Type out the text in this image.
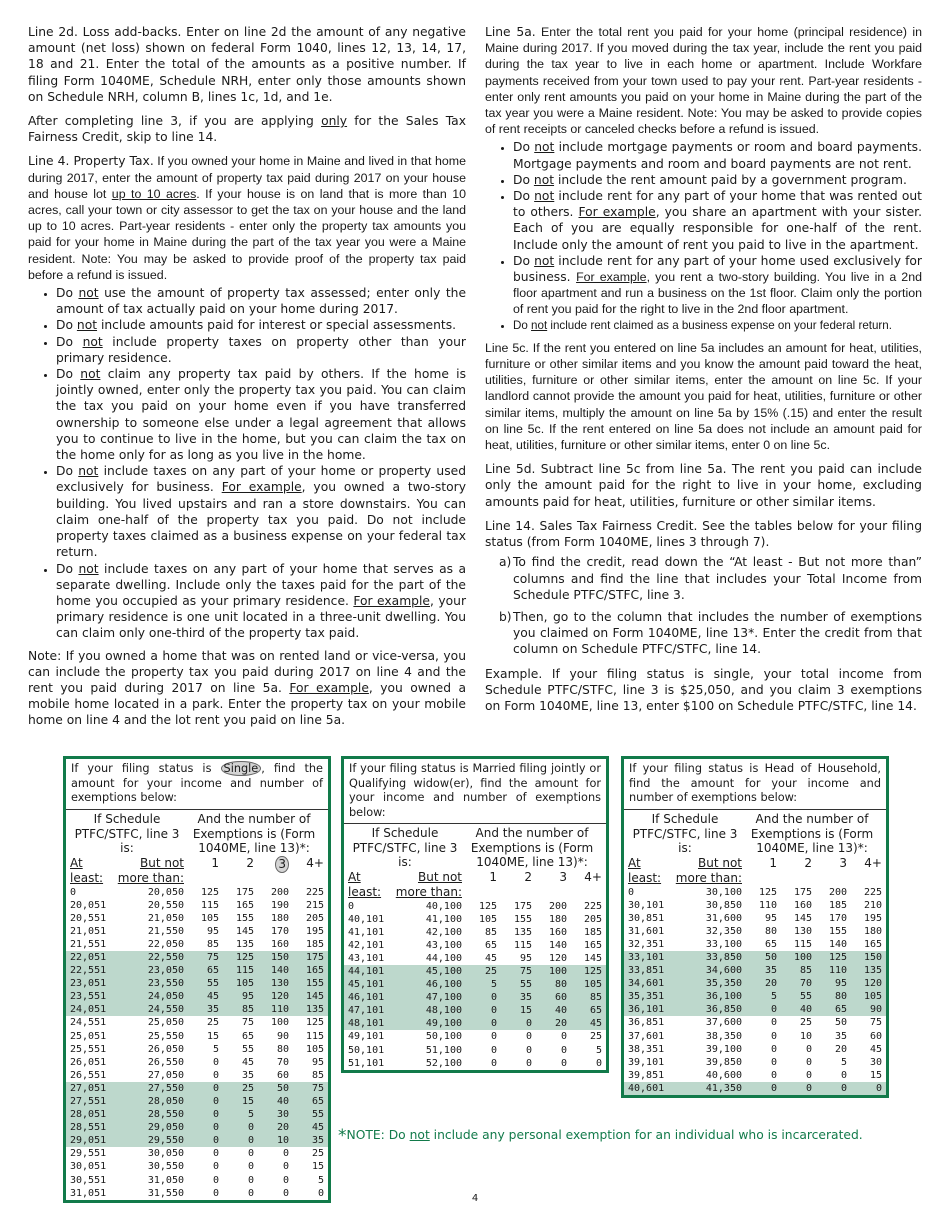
Line 2d. Loss add-backs. Enter on line 2d the amount of any negative amount (net loss) shown on federal Form 1040, lines 12, 13, 14, 17, 18 and 21. Enter the total of the amounts as a positive number. If filing Form 1040ME, Schedule NRH, enter only those amounts shown on Schedule NRH, column B, lines 1c, 1d, and 1e.

After completing line 3, if you are applying only for the Sales Tax Fairness Credit, skip to line 14.

Line 4. Property Tax. If you owned your home in Maine and lived in that home during 2017, enter the amount of property tax paid during 2017 on your house and house lot up to 10 acres. If your house is on land that is more than 10 acres, call your town or city assessor to get the tax on your house and the land up to 10 acres. Part-year residents - enter only the property tax amounts you paid for your home in Maine during the part of the tax year you were a Maine resident. Note: You may be asked to provide proof of the property tax paid before a refund is issued.

• Do not use the amount of property tax assessed; enter only the amount of tax actually paid on your home during 2017.
• Do not include amounts paid for interest or special assessments.
• Do not include property taxes on property other than your primary residence.
• Do not claim any property tax paid by others. If the home is jointly owned, enter only the property tax you paid. You can claim the tax you paid on your home even if you have transferred ownership to someone else under a legal agreement that allows you to continue to live in the home, but you can claim the tax on the home only for as long as you live in the home.
• Do not include taxes on any part of your home or property used exclusively for business. For example, you owned a two-story building. You lived upstairs and ran a store downstairs. You can claim one-half of the property tax you paid. Do not include property taxes claimed as a business expense on your federal tax return.
• Do not include taxes on any part of your home that serves as a separate dwelling. Include only the taxes paid for the part of the home you occupied as your primary residence. For example, your primary residence is one unit located in a three-unit dwelling. You can claim only one-third of the property tax paid.

Note: If you owned a home that was on rented land or vice-versa, you can include the property tax you paid during 2017 on line 4 and the rent you paid during 2017 on line 5a. For example, you owned a mobile home located in a park. Enter the property tax on your mobile home on line 4 and the lot rent you paid on line 5a.

Line 5a. Enter the total rent you paid for your home (principal residence) in Maine during 2017. If you moved during the tax year, include the rent you paid during the tax year to live in each home or apartment. Include Workfare payments received from your town used to pay your rent. Part-year residents - enter only rent amounts you paid on your home in Maine during the part of the tax year you were a Maine resident. Note: You may be asked to provide copies of rent receipts or canceled checks before a refund is issued.

• Do not include mortgage payments or room and board payments. Mortgage payments and room and board payments are not rent.
• Do not include the rent amount paid by a government program.
• Do not include rent for any part of your home that was rented out to others. For example, you share an apartment with your sister. Each of you are equally responsible for one-half of the rent. Include only the amount of rent you paid to live in the apartment.
• Do not include rent for any part of your home used exclusively for business. For example, you rent a two-story building. You live in a 2nd floor apartment and run a business on the 1st floor. Claim only the portion of rent you paid for the right to live in the 2nd floor apartment.
• Do not include rent claimed as a business expense on your federal return.

Line 5c. If the rent you entered on line 5a includes an amount for heat, utilities, furniture or other similar items and you know the amount paid toward the heat, utilities, furniture or other similar items, enter the amount on line 5c. If your landlord cannot provide the amount you paid for heat, utilities, furniture or other similar items, multiply the amount on line 5a by 15% (.15) and enter the result on line 5c. If the rent entered on line 5a does not include an amount paid for heat, utilities, furniture or other similar items, enter 0 on line 5c.

Line 5d. Subtract line 5c from line 5a. The rent you paid can include only the amount paid for the right to live in your home, excluding amounts paid for heat, utilities, furniture or other similar items.

Line 14. Sales Tax Fairness Credit. See the tables below for your filing status (from Form 1040ME, lines 3 through 7).

a) To find the credit, read down the “At least - But not more than” columns and find the line that includes your Total Income from Schedule PTFC/STFC, line 3.
b) Then, go to the column that includes the number of exemptions you claimed on Form 1040ME, line 13*. Enter the credit from that column on Schedule PTFC/STFC, line 14.

Example. If your filing status is single, your total income from Schedule PTFC/STFC, line 3 is $25,050, and you claim 3 exemptions on Form 1040ME, line 13, enter $100 on Schedule PTFC/STFC, line 14.

If your filing status is Single , find the amount for your income and number of exemptions below:
If Schedule PTFC/STFC, line 3 is:
And the number of Exemptions is (Form 1040ME, line 13)*:
At least:
But not more than:
1	2	3	4+
0	20,050	125	175	200	225
20,051	20,550	115	165	190	215
20,551	21,050	105	155	180	205
21,051	21,550	95	145	170	195
21,551	22,050	85	135	160	185
22,051	22,550	75	125	150	175
22,551	23,050	65	115	140	165
23,051	23,550	55	105	130	155
23,551	24,050	45	95	120	145
24,051	24,550	35	85	110	135
24,551	25,050	25	75	100	125
25,051	25,550	15	65	90	115
25,551	26,050	5	55	80	105
26,051	26,550	0	45	70	95
26,551	27,050	0	35	60	85
27,051	27,550	0	25	50	75
27,551	28,050	0	15	40	65
28,051	28,550	0	5	30	55
28,551	29,050	0	0	20	45
29,051	29,550	0	0	10	35
29,551	30,050	0	0	0	25
30,051	30,550	0	0	0	15
30,551	31,050	0	0	0	5
31,051	31,550	0	0	0	0
If your filing status is Married filing jointly or Qualifying widow(er), find the amount for your income and number of exemptions below:
If Schedule PTFC/STFC, line 3 is:
And the number of Exemptions is (Form 1040ME, line 13)*:
At least:
But not more than:
1	2	3	4+
0	40,100	125	175	200	225
40,101	41,100	105	155	180	205
41,101	42,100	85	135	160	185
42,101	43,100	65	115	140	165
43,101	44,100	45	95	120	145
44,101	45,100	25	75	100	125
45,101	46,100	5	55	80	105
46,101	47,100	0	35	60	85
47,101	48,100	0	15	40	65
48,101	49,100	0	0	20	45
49,101	50,100	0	0	0	25
50,101	51,100	0	0	0	5
51,101	52,100	0	0	0	0
If your filing status is Head of Household, find the amount for your income and number of exemptions below:
If Schedule PTFC/STFC, line 3 is:
And the number of Exemptions is (Form 1040ME, line 13)*:
At least:
But not more than:
1	2	3	4+
0	30,100	125	175	200	225
30,101	30,850	110	160	185	210
30,851	31,600	95	145	170	195
31,601	32,350	80	130	155	180
32,351	33,100	65	115	140	165
33,101	33,850	50	100	125	150
33,851	34,600	35	85	110	135
34,601	35,350	20	70	95	120
35,351	36,100	5	55	80	105
36,101	36,850	0	40	65	90
36,851	37,600	0	25	50	75
37,601	38,350	0	10	35	60
38,351	39,100	0	0	20	45
39,101	39,850	0	0	5	30
39,851	40,600	0	0	0	15
40,601	41,350	0	0	0	0
*NOTE: Do not include any personal exemption for an individual who is incarcerated.
4
